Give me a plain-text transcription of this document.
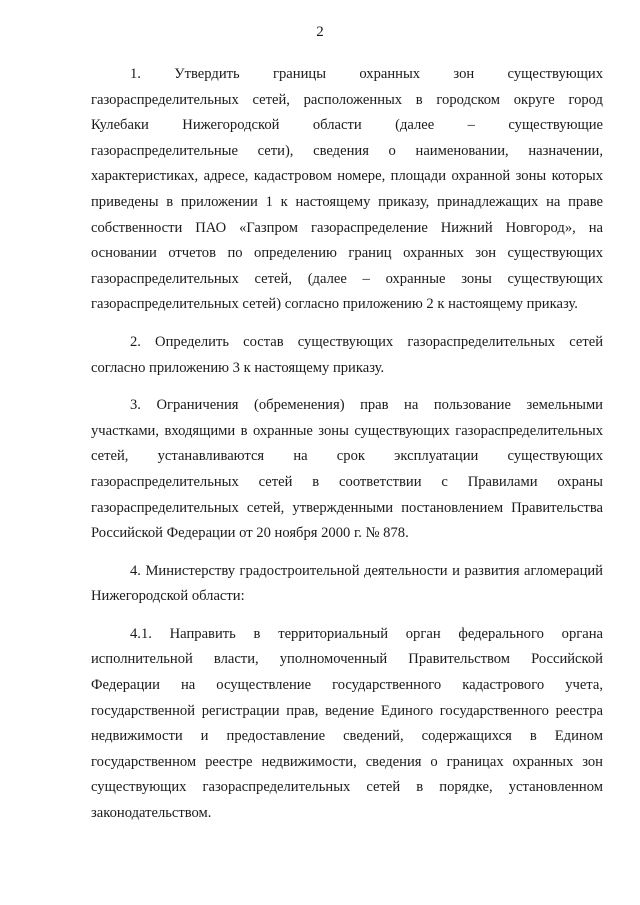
2

1. Утвердить границы охранных зон существующих газораспределительных сетей, расположенных в городском округе город Кулебаки Нижегородской области (далее – существующие газораспределительные сети), сведения о наименовании, назначении, характеристиках, адресе, кадастровом номере, площади охранной зоны которых приведены в приложении 1 к настоящему приказу, принадлежащих на праве собственности ПАО «Газпром газораспределение Нижний Новгород», на основании отчетов по определению границ охранных зон существующих газораспределительных сетей, (далее – охранные зоны существующих газораспределительных сетей) согласно приложению 2 к настоящему приказу.

2. Определить состав существующих газораспределительных сетей согласно приложению 3 к настоящему приказу.

3. Ограничения (обременения) прав на пользование земельными участками, входящими в охранные зоны существующих газораспределительных сетей, устанавливаются на срок эксплуатации существующих газораспределительных сетей в соответствии с Правилами охраны газораспределительных сетей, утвержденными постановлением Правительства Российской Федерации от 20 ноября 2000 г. № 878.

4. Министерству градостроительной деятельности и развития агломераций Нижегородской области:

4.1. Направить в территориальный орган федерального органа исполнительной власти, уполномоченный Правительством Российской Федерации на осуществление государственного кадастрового учета, государственной регистрации прав, ведение Единого государственного реестра недвижимости и предоставление сведений, содержащихся в Едином государственном реестре недвижимости, сведения о границах охранных зон существующих газораспределительных сетей в порядке, установленном законодательством.
